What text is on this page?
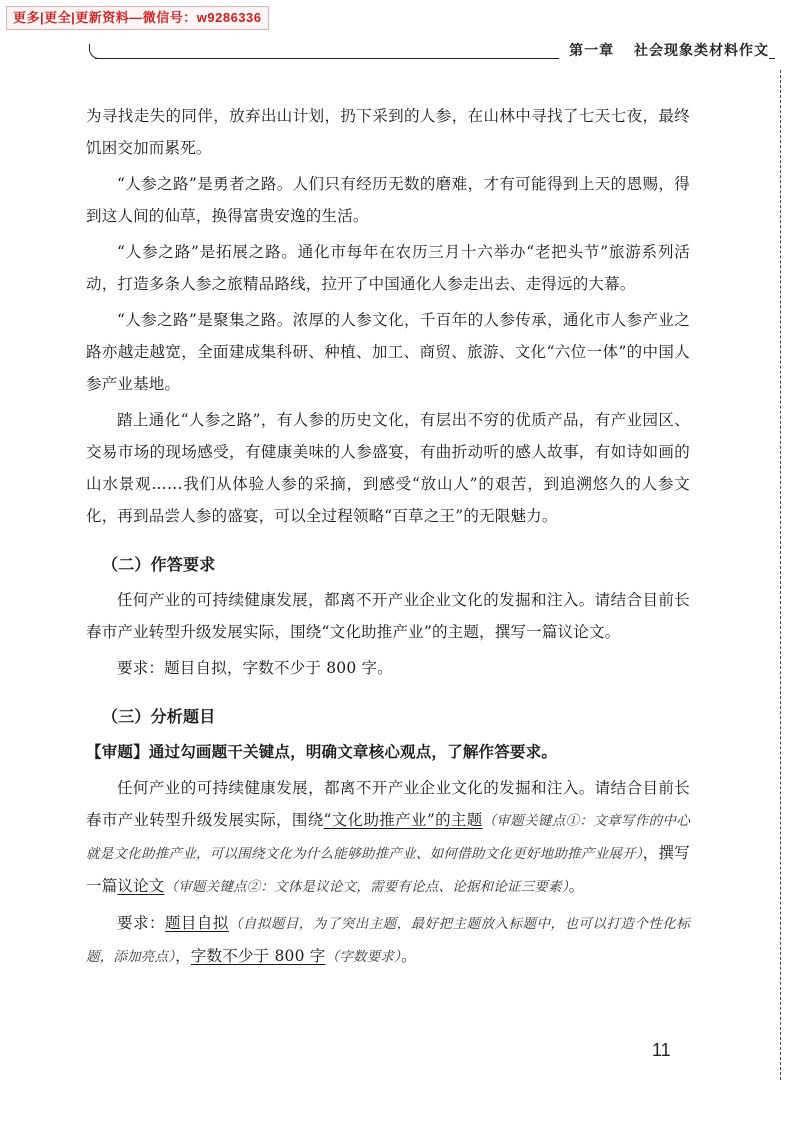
更多|更全|更新资料—微信号：w9286336
第一章 社会现象类材料作文

为寻找走失的同伴，放弃出山计划，扔下采到的人参，在山林中寻找了七天七夜，最终饥困交加而累死。

“人参之路”是勇者之路。人们只有经历无数的磨难，才有可能得到上天的恩赐，得到这人间的仙草，换得富贵安逸的生活。

“人参之路”是拓展之路。通化市每年在农历三月十六举办“老把头节”旅游系列活动，打造多条人参之旅精品路线，拉开了中国通化人参走出去、走得远的大幕。

“人参之路”是聚集之路。浓厚的人参文化，千百年的人参传承，通化市人参产业之路亦越走越宽，全面建成集科研、种植、加工、商贸、旅游、文化“六位一体”的中国人参产业基地。

踏上通化“人参之路”，有人参的历史文化，有层出不穷的优质产品，有产业园区、交易市场的现场感受，有健康美味的人参盛宴，有曲折动听的感人故事，有如诗如画的山水景观……我们从体验人参的采摘，到感受“放山人”的艰苦，到追溯悠久的人参文化，再到品尝人参的盛宴，可以全过程领略“百草之王”的无限魅力。

（二）作答要求

任何产业的可持续健康发展，都离不开产业企业文化的发掘和注入。请结合目前长春市产业转型升级发展实际，围绕“文化助推产业”的主题，撰写一篇议论文。

要求：题目自拟，字数不少于 800 字。

（三）分析题目

【审题】通过勾画题干关键点，明确文章核心观点，了解作答要求。

任何产业的可持续健康发展，都离不开产业企业文化的发掘和注入。请结合目前长春市产业转型升级发展实际，围绕“文化助推产业”的主题（审题关键点①：文章写作的中心就是文化助推产业，可以围绕文化为什么能够助推产业、如何借助文化更好地助推产业展开），撰写一篇议论文（审题关键点②：文体是议论文，需要有论点、论据和论证三要素）。

要求：题目自拟（自拟题目，为了突出主题，最好把主题放入标题中，也可以打造个性化标题，添加亮点），字数不少于 800 字（字数要求）。

11
